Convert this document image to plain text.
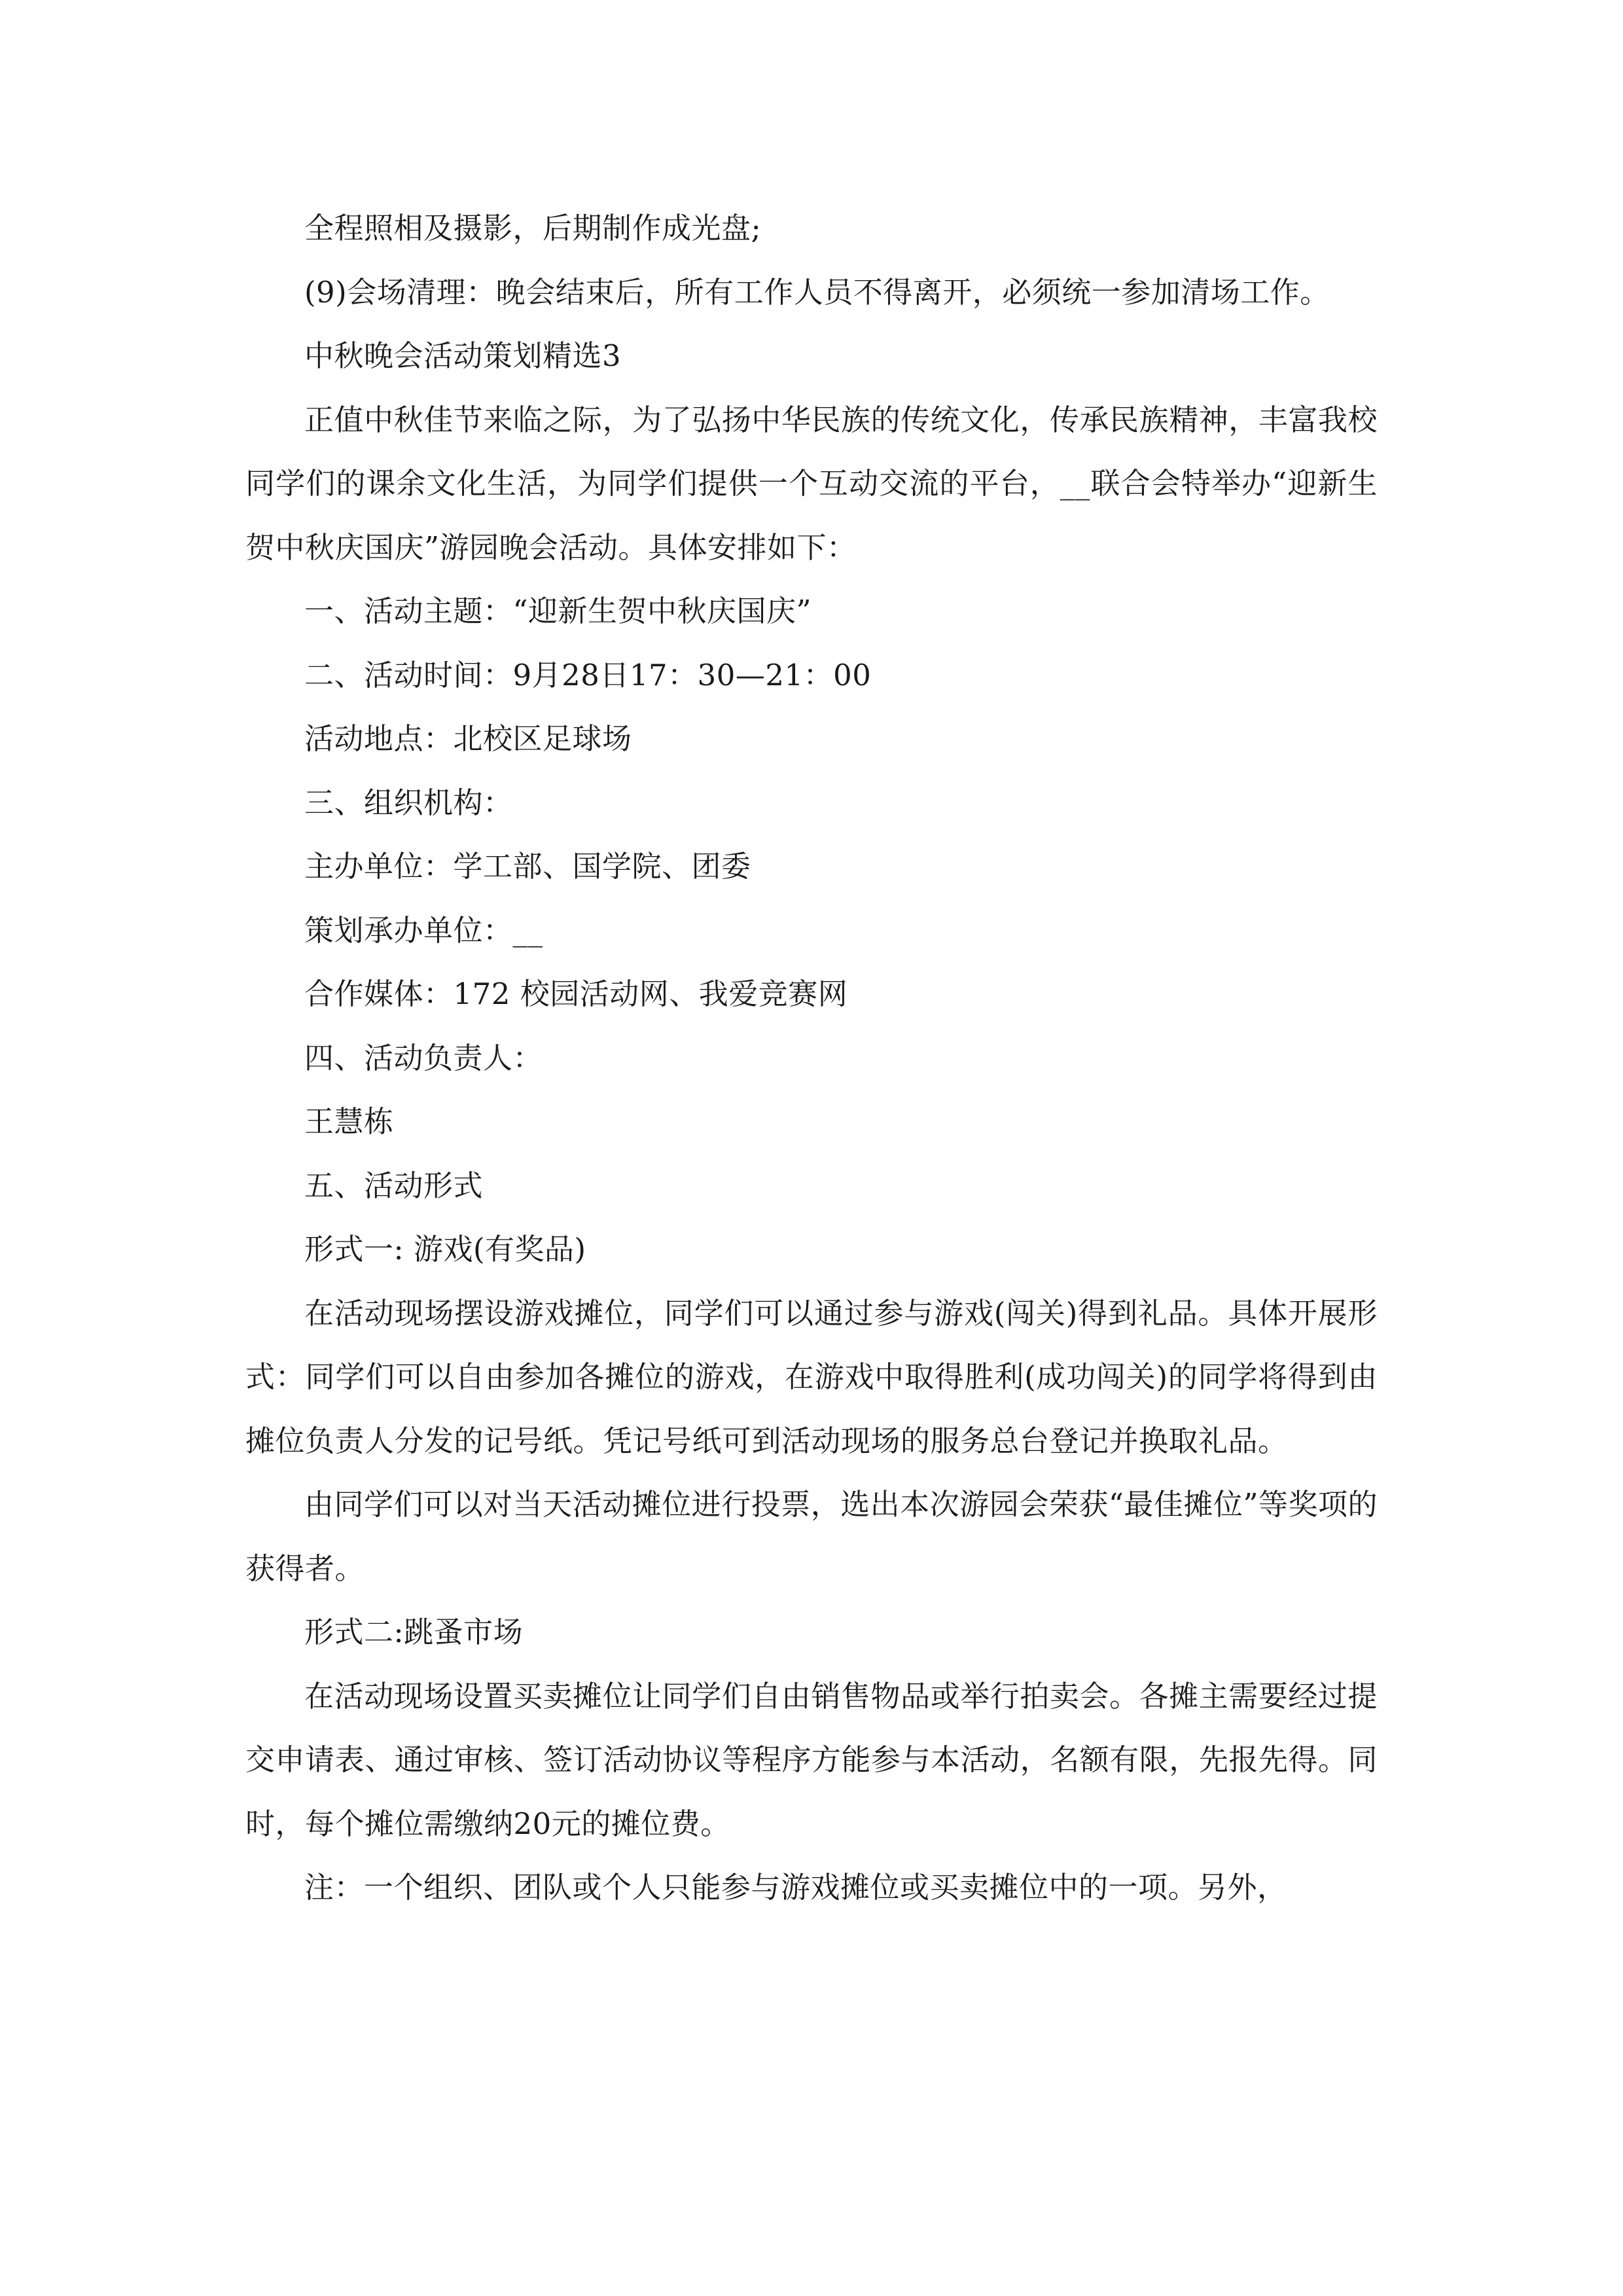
全程照相及摄影，后期制作成光盘;

(9)会场清理：晚会结束后，所有工作人员不得离开，必须统一参加清场工作。

中秋晚会活动策划精选3

正值中秋佳节来临之际，为了弘扬中华民族的传统文化，传承民族精神，丰富我校同学们的课余文化生活，为同学们提供一个互动交流的平台，__联合会特举办“迎新生贺中秋庆国庆”游园晚会活动。具体安排如下：

一、活动主题：“迎新生贺中秋庆国庆”

二、活动时间：9月28日17：30—21：00

活动地点：北校区足球场

三、组织机构：

主办单位：学工部、国学院、团委

策划承办单位：__

合作媒体：172 校园活动网、我爱竞赛网

四、活动负责人：

王慧栋

五、活动形式

形式一: 游戏(有奖品)

在活动现场摆设游戏摊位，同学们可以通过参与游戏(闯关)得到礼品。具体开展形式：同学们可以自由参加各摊位的游戏，在游戏中取得胜利(成功闯关)的同学将得到由摊位负责人分发的记号纸。凭记号纸可到活动现场的服务总台登记并换取礼品。

由同学们可以对当天活动摊位进行投票，选出本次游园会荣获“最佳摊位”等奖项的获得者。

形式二:跳蚤市场

在活动现场设置买卖摊位让同学们自由销售物品或举行拍卖会。各摊主需要经过提交申请表、通过审核、签订活动协议等程序方能参与本活动，名额有限，先报先得。同时，每个摊位需缴纳20元的摊位费。

注：一个组织、团队或个人只能参与游戏摊位或买卖摊位中的一项。另外，
